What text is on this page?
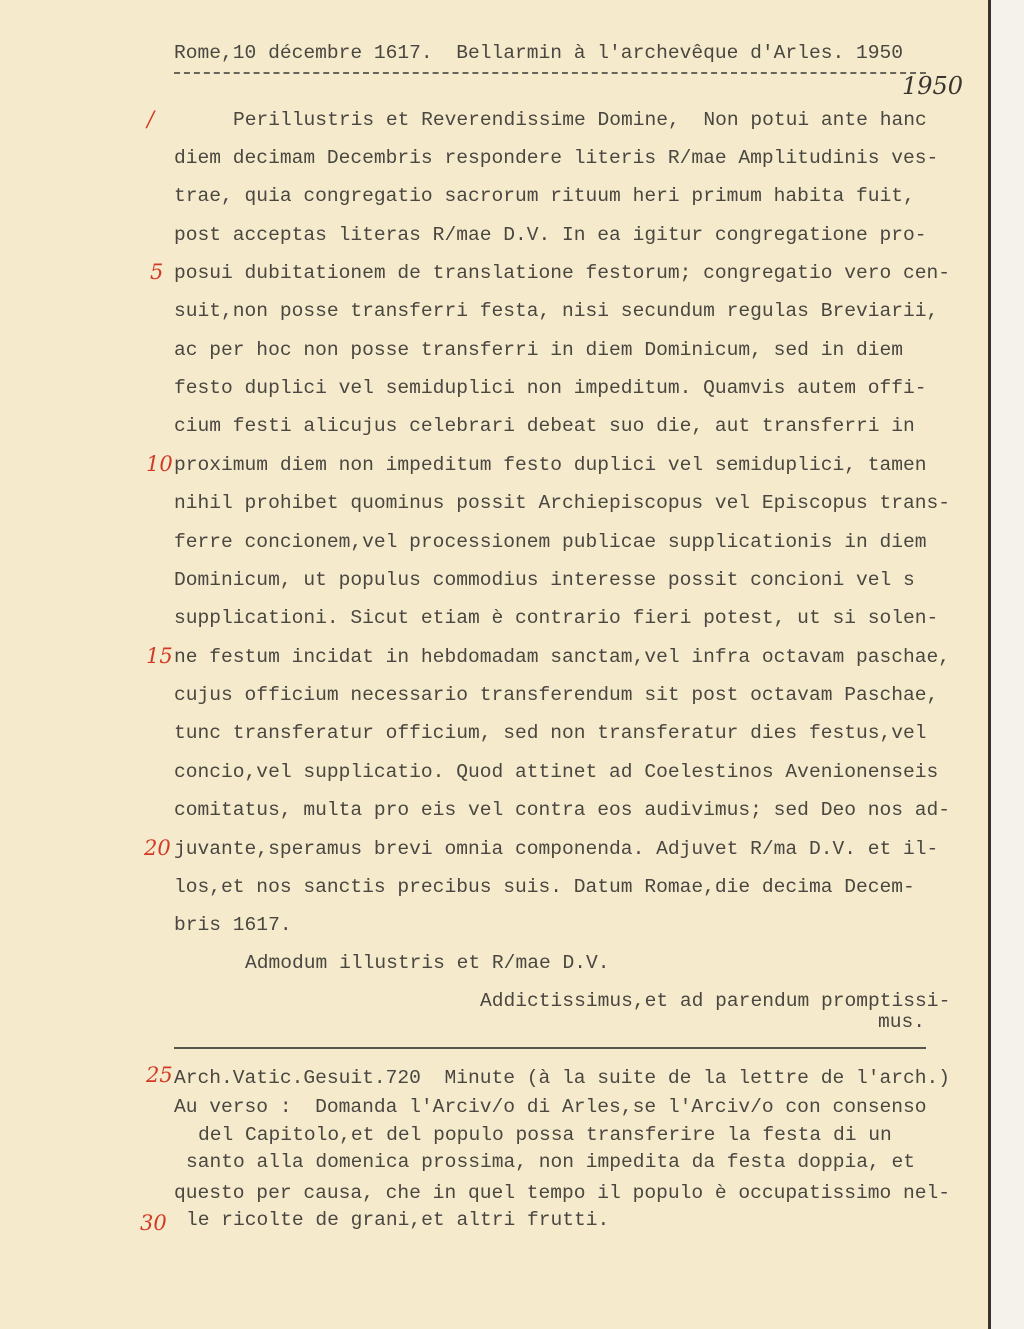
Rome,10 décembre 1617.  Bellarmin à l'archevêque d'Arles. 1950
1950
/
5
10
15
20
25
30
Perillustris et Reverendissime Domine,  Non potui ante hanc
diem decimam Decembris respondere literis R/mae Amplitudinis ves-
trae, quia congregatio sacrorum rituum heri primum habita fuit,
post acceptas literas R/mae D.V. In ea igitur congregatione pro-
posui dubitationem de translatione festorum; congregatio vero cen-
suit,non posse transferri festa, nisi secundum regulas Breviarii,
ac per hoc non posse transferri in diem Dominicum, sed in diem
festo duplici vel semiduplici non impeditum. Quamvis autem offi-
cium festi alicujus celebrari debeat suo die, aut transferri in
proximum diem non impeditum festo duplici vel semiduplici, tamen
nihil prohibet quominus possit Archiepiscopus vel Episcopus trans-
ferre concionem,vel processionem publicae supplicationis in diem
Dominicum, ut populus commodius interesse possit concioni vel s
supplicationi. Sicut etiam è contrario fieri potest, ut si solen-
ne festum incidat in hebdomadam sanctam,vel infra octavam paschae,
cujus officium necessario transferendum sit post octavam Paschae,
tunc transferatur officium, sed non transferatur dies festus,vel
concio,vel supplicatio. Quod attinet ad Coelestinos Avenionenseis
comitatus, multa pro eis vel contra eos audivimus; sed Deo nos ad-
juvante,speramus brevi omnia componenda. Adjuvet R/ma D.V. et il-
los,et nos sanctis precibus suis. Datum Romae,die decima Decem-
bris 1617.
Admodum illustris et R/mae D.V.
Addictissimus,et ad parendum promptissi-
mus.
Arch.Vatic.Gesuit.720  Minute (à la suite de la lettre de l'arch.)
Au verso :  Domanda l'Arciv/o di Arles,se l'Arciv/o con consenso
del Capitolo,et del populo possa transferire la festa di un
santo alla domenica prossima, non impedita da festa doppia, et
questo per causa, che in quel tempo il populo è occupatissimo nel-
le ricolte de grani,et altri frutti.
